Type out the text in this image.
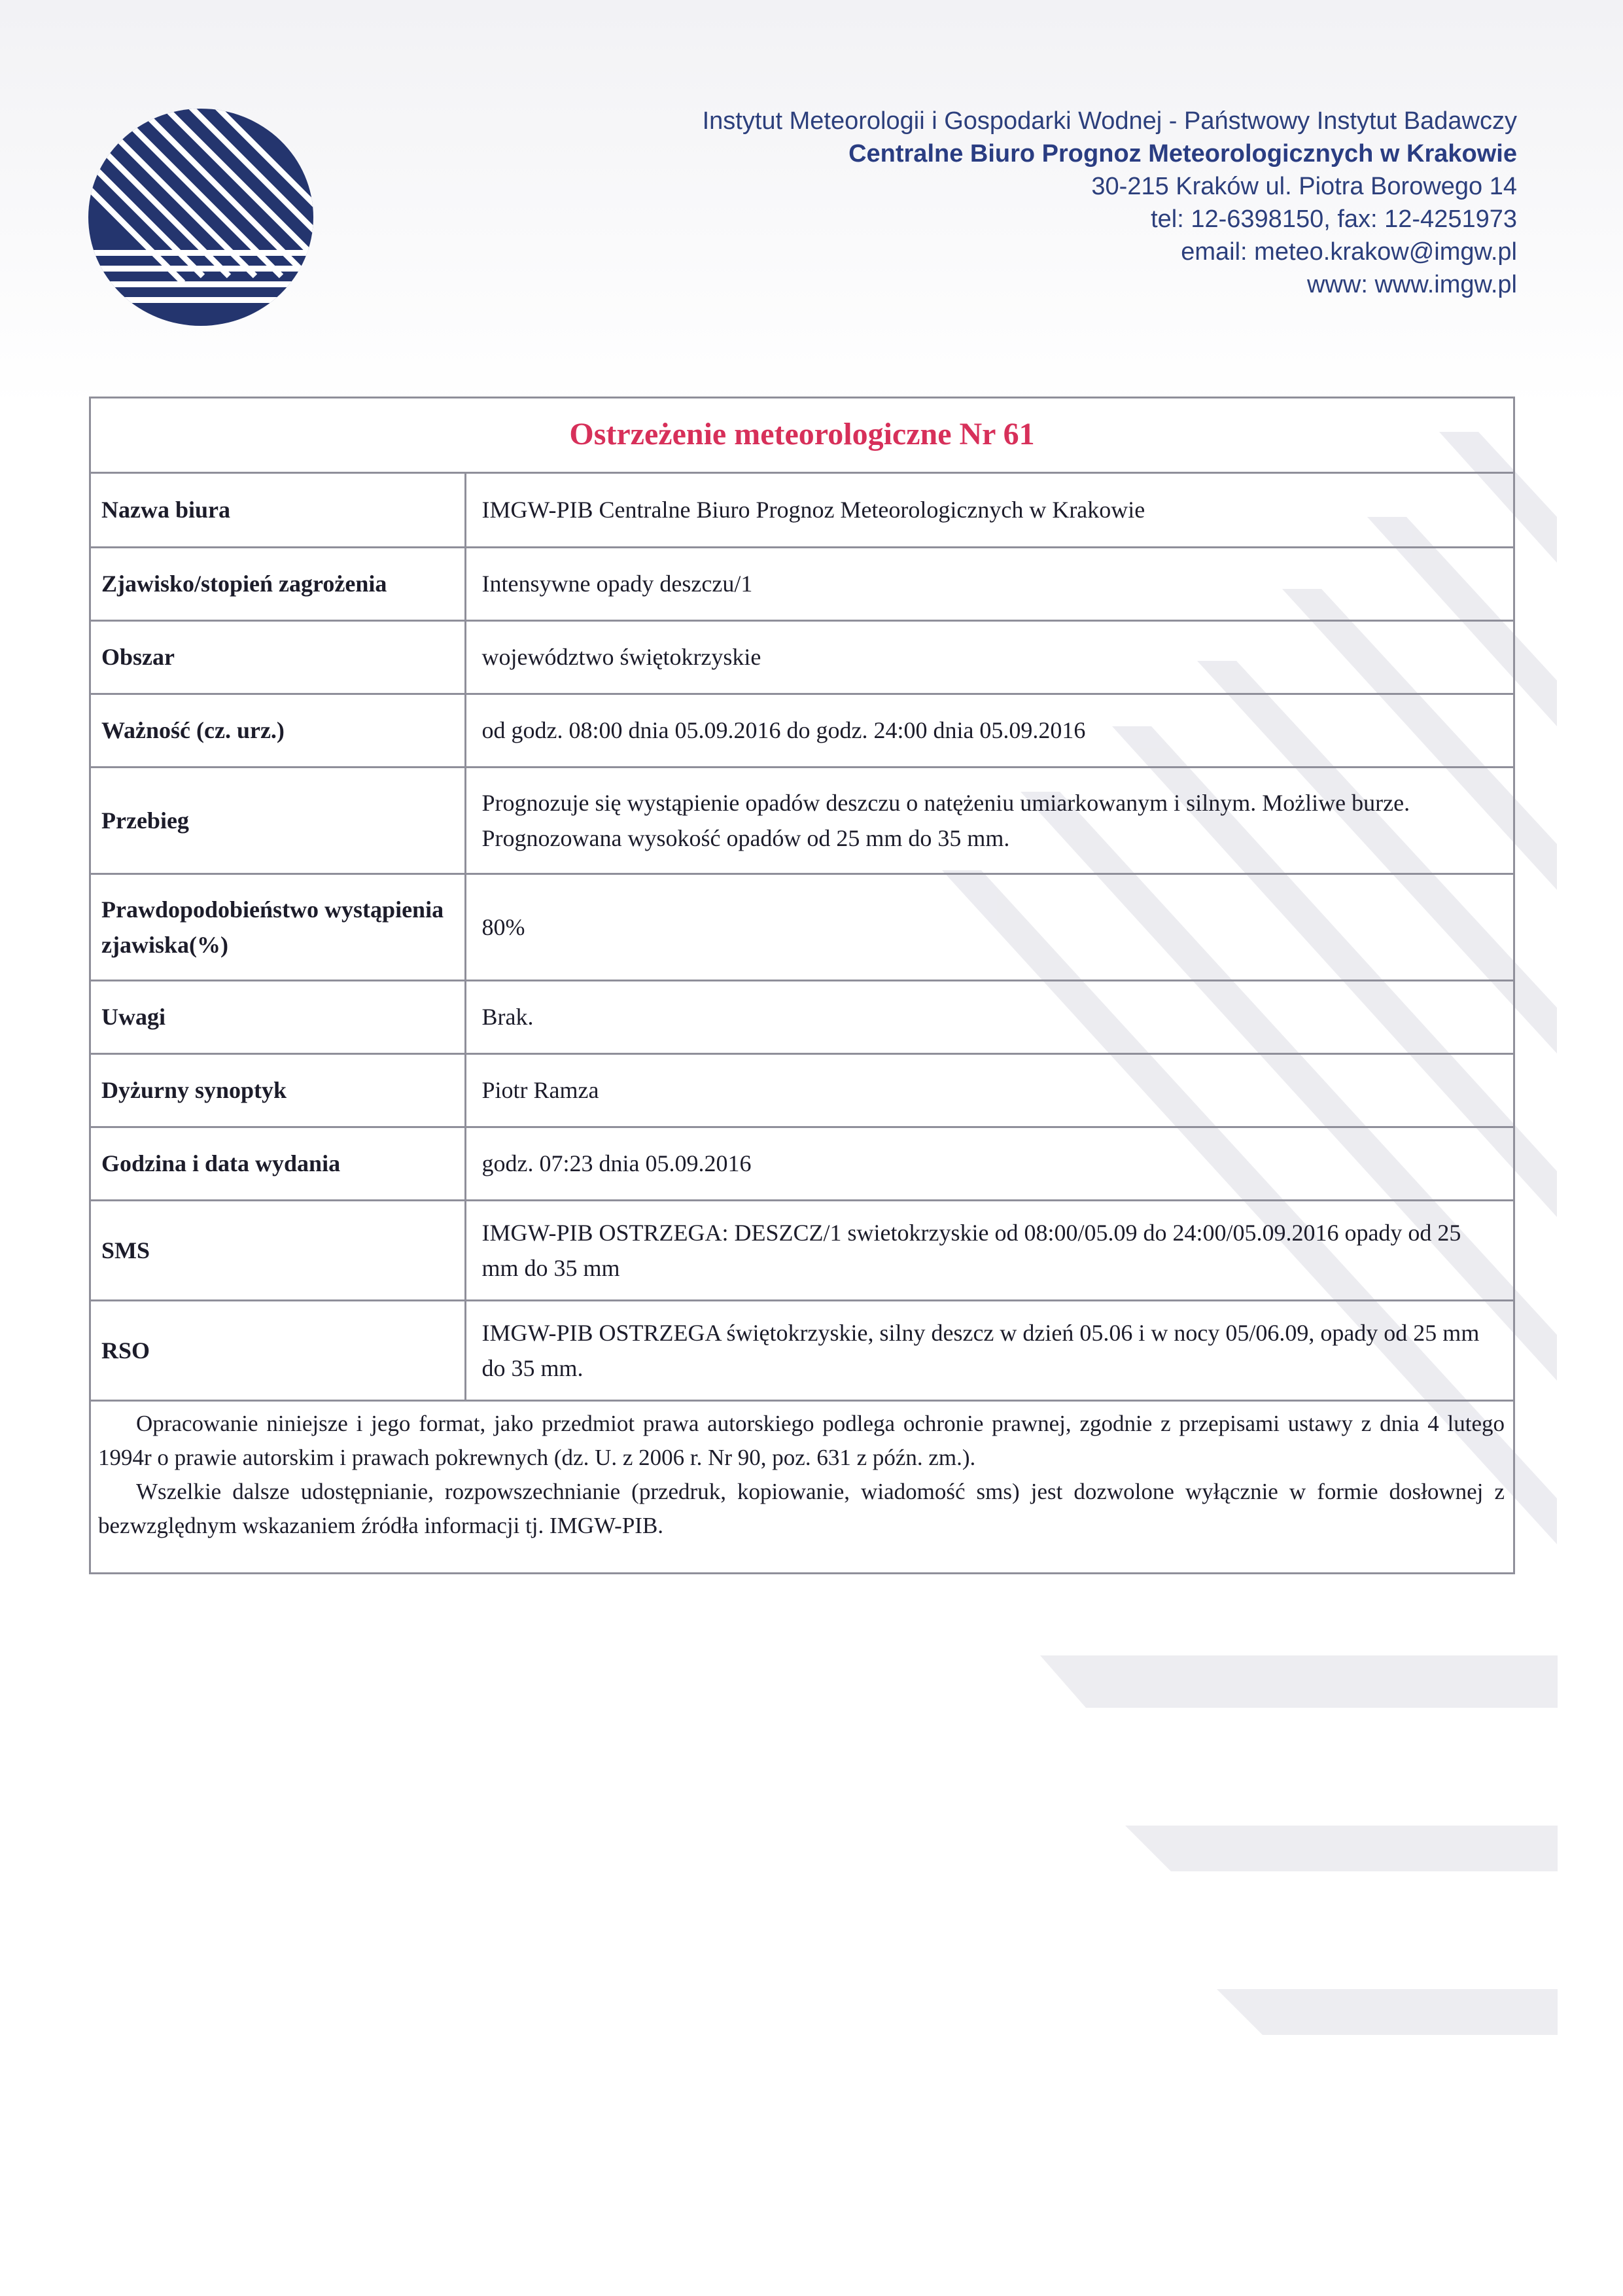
Instytut Meteorologii i Gospodarki Wodnej - Państwowy Instytut Badawczy
Centralne Biuro Prognoz Meteorologicznych w Krakowie
30-215 Kraków ul. Piotra Borowego 14
tel: 12-6398150, fax: 12-4251973
email: meteo.krakow@imgw.pl
www: www.imgw.pl
Ostrzeżenie meteorologiczne Nr 61
Nazwa biura	IMGW-PIB Centralne Biuro Prognoz Meteorologicznych w Krakowie
Zjawisko/stopień zagrożenia	Intensywne opady deszczu/1
Obszar	województwo świętokrzyskie
Ważność (cz. urz.)	od godz. 08:00 dnia 05.09.2016 do godz. 24:00 dnia 05.09.2016
Przebieg	Prognozuje się wystąpienie opadów deszczu o natężeniu umiarkowanym i silnym. Możliwe burze. Prognozowana wysokość opadów od 25 mm do 35 mm.
Prawdopodobieństwo wystąpienia zjawiska(%)	80%
Uwagi	Brak.
Dyżurny synoptyk	Piotr Ramza
Godzina i data wydania	godz. 07:23 dnia 05.09.2016
SMS	IMGW-PIB OSTRZEGA: DESZCZ/1 swietokrzyskie od 08:00/05.09 do 24:00/05.09.2016 opady od 25 mm do 35 mm
RSO	IMGW-PIB OSTRZEGA świętokrzyskie, silny deszcz w dzień 05.06 i w nocy 05/06.09, opady od 25 mm do 35 mm.

Opracowanie niniejsze i jego format, jako przedmiot prawa autorskiego podlega ochronie prawnej, zgodnie z przepisami ustawy z dnia 4 lutego 1994r o prawie autorskim i prawach pokrewnych (dz. U. z 2006 r. Nr 90, poz. 631 z późn. zm.).

Wszelkie dalsze udostępnianie, rozpowszechnianie (przedruk, kopiowanie, wiadomość sms) jest dozwolone wyłącznie w formie dosłownej z bezwzględnym wskazaniem źródła informacji tj. IMGW-PIB.
